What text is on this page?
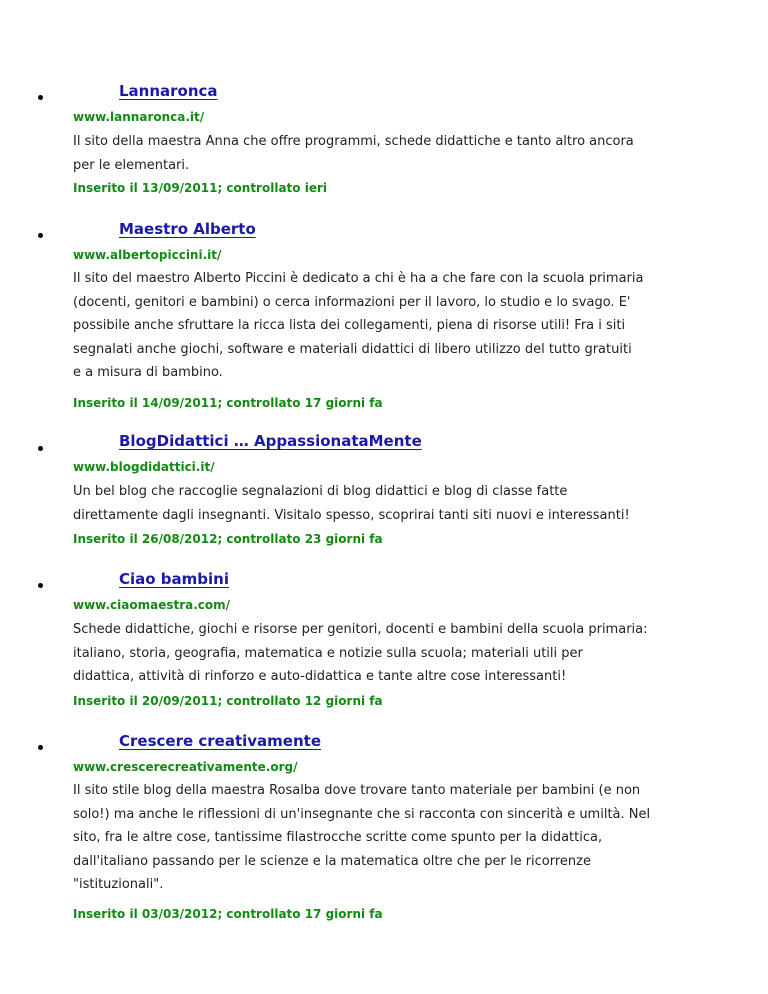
Lannaronca
www.lannaronca.it/
Il sito della maestra Anna che offre programmi, schede didattiche e tanto altro ancora
per le elementari.
Inserito il 13/09/2011; controllato ieri
Maestro Alberto
www.albertopiccini.it/
Il sito del maestro Alberto Piccini è dedicato a chi è ha a che fare con la scuola primaria
(docenti, genitori e bambini) o cerca informazioni per il lavoro, lo studio e lo svago. E'
possibile anche sfruttare la ricca lista dei collegamenti, piena di risorse utili! Fra i siti
segnalati anche giochi, software e materiali didattici di libero utilizzo del tutto gratuiti
e a misura di bambino.
Inserito il 14/09/2011; controllato 17 giorni fa
BlogDidattici … AppassionataMente
www.blogdidattici.it/
Un bel blog che raccoglie segnalazioni di blog didattici e blog di classe fatte
direttamente dagli insegnanti. Visitalo spesso, scoprirai tanti siti nuovi e interessanti!
Inserito il 26/08/2012; controllato 23 giorni fa
Ciao bambini
www.ciaomaestra.com/
Schede didattiche, giochi e risorse per genitori, docenti e bambini della scuola primaria:
italiano, storia, geografia, matematica e notizie sulla scuola; materiali utili per
didattica, attività di rinforzo e auto-didattica e tante altre cose interessanti!
Inserito il 20/09/2011; controllato 12 giorni fa
Crescere creativamente
www.crescerecreativamente.org/
Il sito stile blog della maestra Rosalba dove trovare tanto materiale per bambini (e non
solo!) ma anche le riflessioni di un'insegnante che si racconta con sincerità e umiltà. Nel
sito, fra le altre cose, tantissime filastrocche scritte come spunto per la didattica,
dall'italiano passando per le scienze e la matematica oltre che per le ricorrenze
"istituzionali".
Inserito il 03/03/2012; controllato 17 giorni fa
